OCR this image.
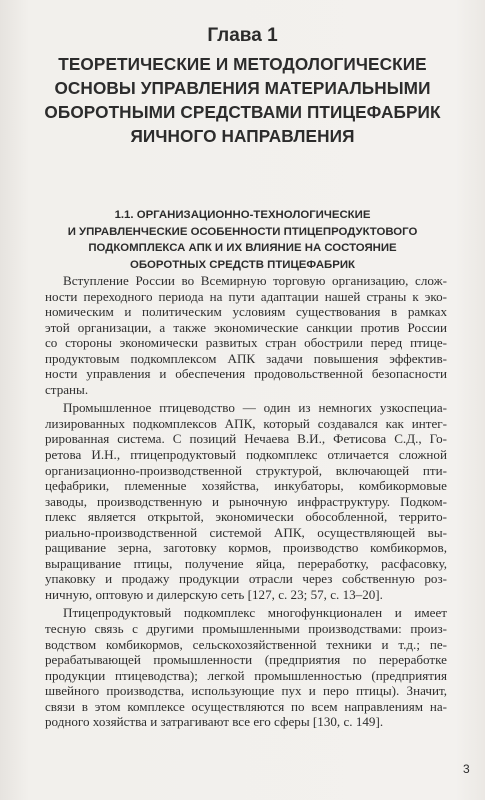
Глава 1
ТЕОРЕТИЧЕСКИЕ И МЕТОДОЛОГИЧЕСКИЕ
ОСНОВЫ УПРАВЛЕНИЯ МАТЕРИАЛЬНЫМИ
ОБОРОТНЫМИ СРЕДСТВАМИ ПТИЦЕФАБРИК
ЯИЧНОГО НАПРАВЛЕНИЯ
1.1. ОРГАНИЗАЦИОННО-ТЕХНОЛОГИЧЕСКИЕ
И УПРАВЛЕНЧЕСКИЕ ОСОБЕННОСТИ ПТИЦЕПРОДУКТОВОГО
ПОДКОМПЛЕКСА АПК И ИХ ВЛИЯНИЕ НА СОСТОЯНИЕ
ОБОРОТНЫХ СРЕДСТВ ПТИЦЕФАБРИК
Вступление России во Всемирную торговую организацию, слож-
ности переходного периода на пути адаптации нашей страны к эко-
номическим и политическим условиям существования в рамках
этой организации, а также экономические санкции против России
со стороны экономически развитых стран обострили перед птице-
продуктовым подкомплексом АПК задачи повышения эффектив-
ности управления и обеспечения продовольственной безопасности
страны.
Промышленное птицеводство — один из немногих узкоспециа-
лизированных подкомплексов АПК, который создавался как интег-
рированная система. С позиций Нечаева В.И., Фетисова С.Д., Го-
ретова И.Н., птицепродуктовый подкомплекс отличается сложной
организационно-производственной структурой, включающей пти-
цефабрики, племенные хозяйства, инкубаторы, комбикормовые
заводы, производственную и рыночную инфраструктуру. Подком-
плекс является открытой, экономически обособленной, террито-
риально-производственной системой АПК, осуществляющей вы-
ращивание зерна, заготовку кормов, производство комбикормов,
выращивание птицы, получение яйца, переработку, расфасовку,
упаковку и продажу продукции отрасли через собственную роз-
ничную, оптовую и дилерскую сеть [127, с. 23; 57, с. 13–20].
Птицепродуктовый подкомплекс многофункционален и имеет
тесную связь с другими промышленными производствами: произ-
водством комбикормов, сельскохозяйственной техники и т.д.; пе-
рерабатывающей промышленности (предприятия по переработке
продукции птицеводства); легкой промышленностью (предприятия
швейного производства, использующие пух и перо птицы). Значит,
связи в этом комплексе осуществляются по всем направлениям на-
родного хозяйства и затрагивают все его сферы [130, с. 149].
3
